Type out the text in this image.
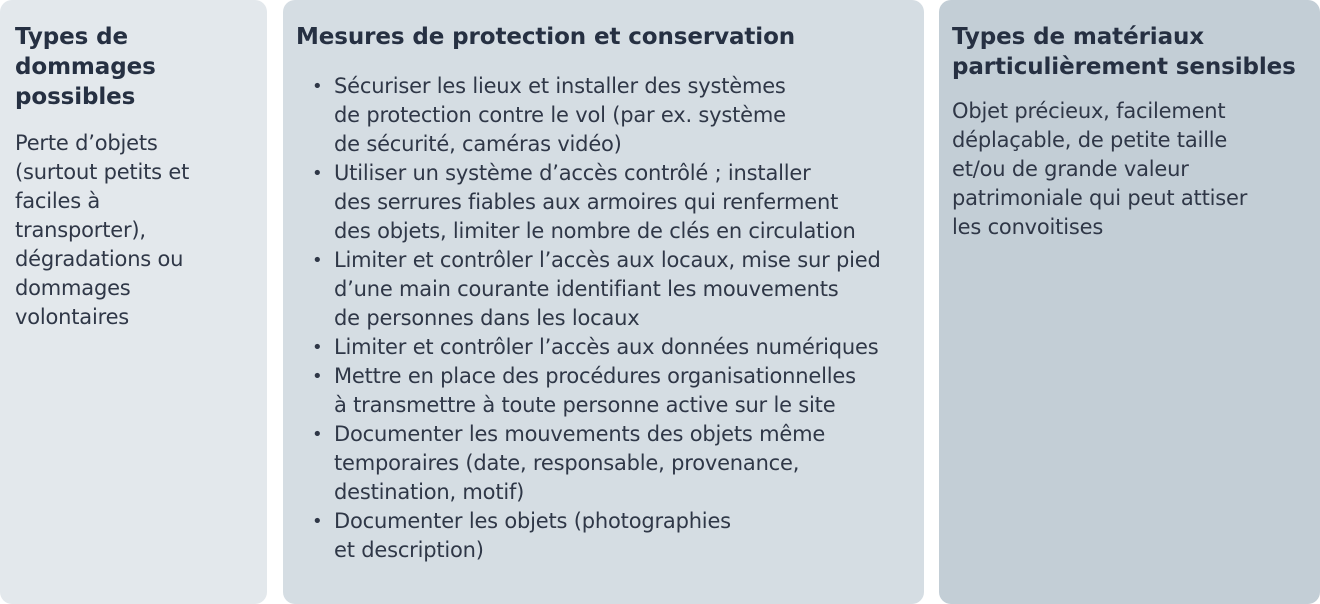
Types de dommages possibles

Perte d’objets (surtout petits et faciles à transporter), dégradations ou dommages volontaires

Mesures de protection et conservation
• Sécuriser les lieux et installer des systèmes
de protection contre le vol (par ex. système
de sécurité, caméras vidéo)
• Utiliser un système d’accès contrôlé ; installer
des serrures fiables aux armoires qui renferment
des objets, limiter le nombre de clés en circulation
• Limiter et contrôler l’accès aux locaux, mise sur pied
d’une main courante identifiant les mouvements
de personnes dans les locaux
• Limiter et contrôler l’accès aux données numériques
• Mettre en place des procédures organisationnelles
à transmettre à toute personne active sur le site
• Documenter les mouvements des objets même
temporaires (date, responsable, provenance,
destination, motif)
• Documenter les objets (photographies
et description)
Types de matériaux particulièrement sensibles

Objet précieux, facilement déplaçable, de petite taille et/ou de grande valeur patrimoniale qui peut attiser les convoitises
